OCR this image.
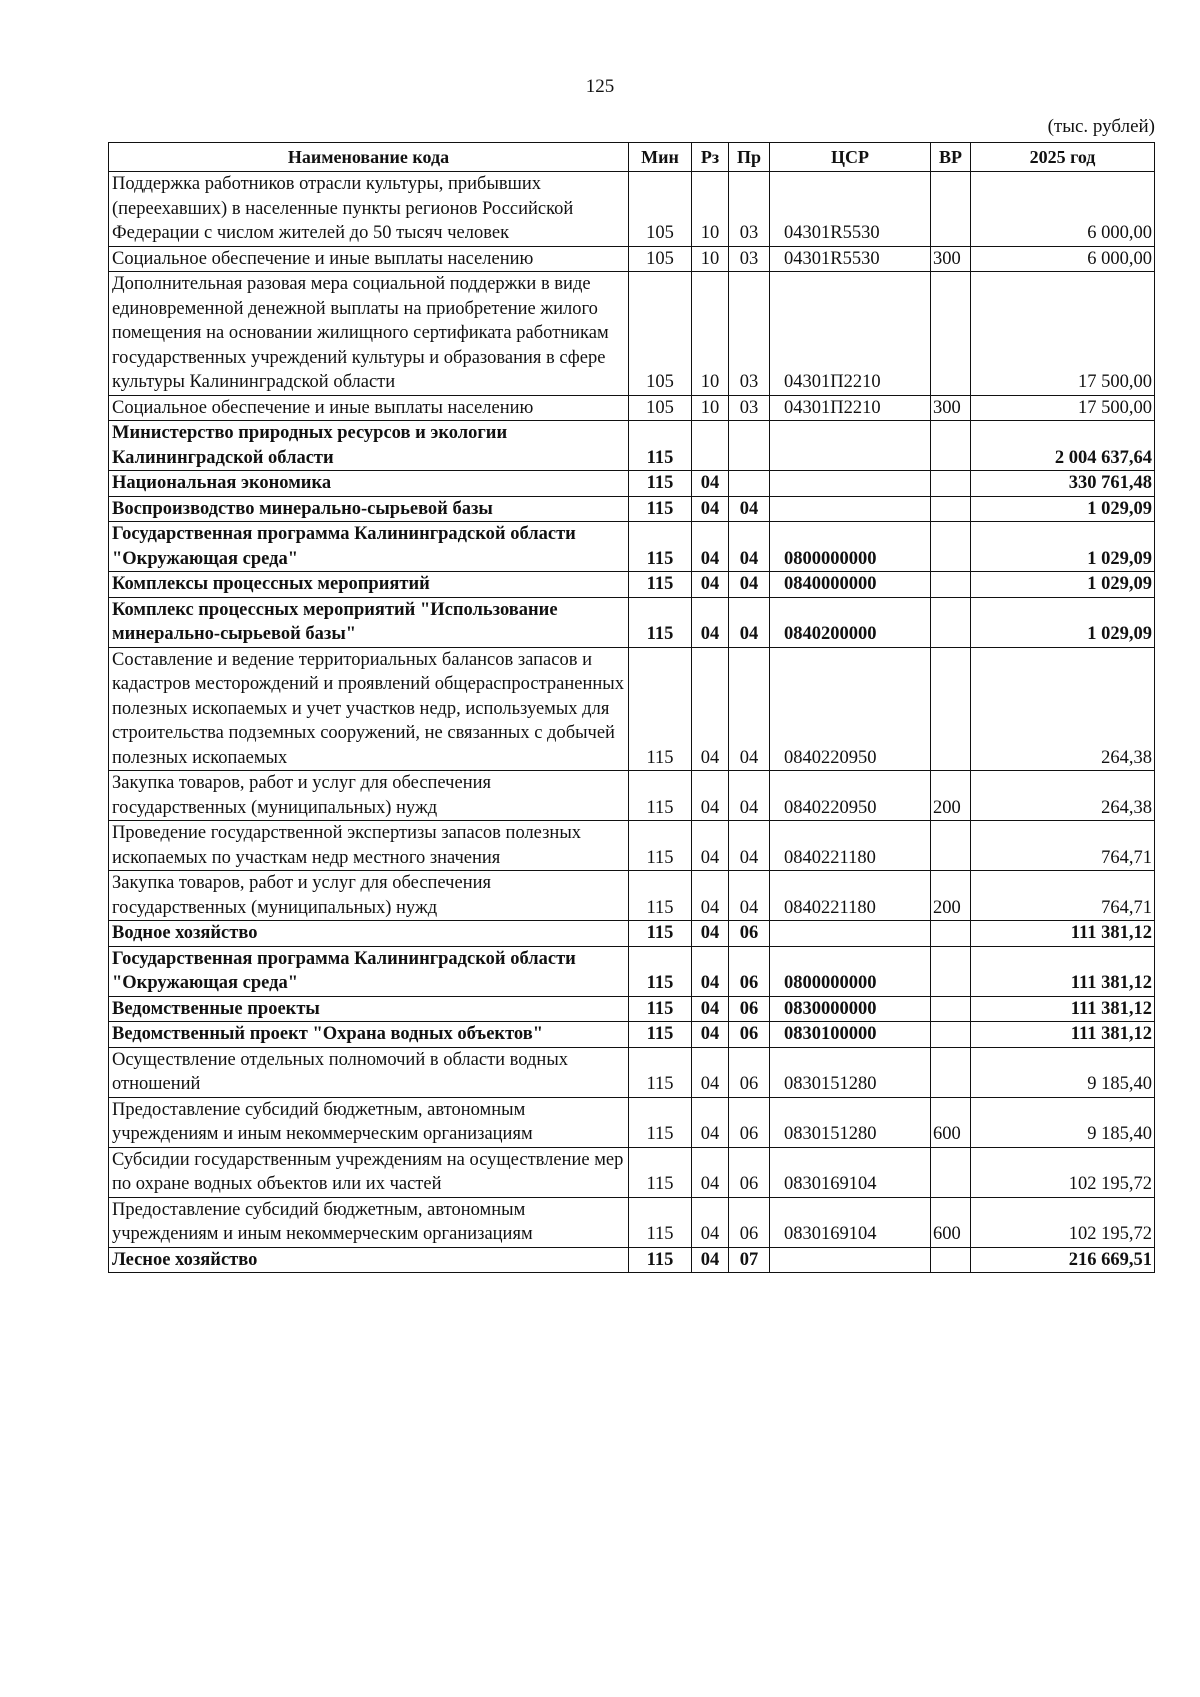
125
(тыс. рублей)
Наименование кода	Мин	Рз	Пр	ЦСР	ВР	2025 год
Поддержка работников отрасли культуры, прибывших (переехавших) в населенные пункты регионов Российской Федерации с числом жителей до 50 тысяч человек	105	10	03	04301R5530		6 000,00
Социальное обеспечение и иные выплаты населению	105	10	03	04301R5530	300	6 000,00
Дополнительная разовая мера социальной поддержки в виде единовременной денежной выплаты на приобретение жилого помещения на основании жилищного сертификата работникам государственных учреждений культуры и образования в сфере культуры Калининградской области	105	10	03	04301П2210		17 500,00
Социальное обеспечение и иные выплаты населению	105	10	03	04301П2210	300	17 500,00
Министерство природных ресурсов и экологии Калининградской области	115					2 004 637,64
Национальная экономика	115	04				330 761,48
Воспроизводство минерально-сырьевой базы	115	04	04			1 029,09
Государственная программа Калининградской области "Окружающая среда"	115	04	04	0800000000		1 029,09
Комплексы процессных мероприятий	115	04	04	0840000000		1 029,09
Комплекс процессных мероприятий "Использование минерально-сырьевой базы"	115	04	04	0840200000		1 029,09
Составление и ведение территориальных балансов запасов и кадастров месторождений и проявлений общераспространенных полезных ископаемых и учет участков недр, используемых для строительства подземных сооружений, не связанных с добычей полезных ископаемых	115	04	04	0840220950		264,38
Закупка товаров, работ и услуг для обеспечения государственных (муниципальных) нужд	115	04	04	0840220950	200	264,38
Проведение государственной экспертизы запасов полезных ископаемых по участкам недр местного значения	115	04	04	0840221180		764,71
Закупка товаров, работ и услуг для обеспечения государственных (муниципальных) нужд	115	04	04	0840221180	200	764,71
Водное хозяйство	115	04	06			111 381,12
Государственная программа Калининградской области "Окружающая среда"	115	04	06	0800000000		111 381,12
Ведомственные проекты	115	04	06	0830000000		111 381,12
Ведомственный проект "Охрана водных объектов"	115	04	06	0830100000		111 381,12
Осуществление отдельных полномочий в области водных отношений	115	04	06	0830151280		9 185,40
Предоставление субсидий бюджетным, автономным учреждениям и иным некоммерческим организациям	115	04	06	0830151280	600	9 185,40
Субсидии государственным учреждениям на осуществление мер по охране водных объектов или их частей	115	04	06	0830169104		102 195,72
Предоставление субсидий бюджетным, автономным учреждениям и иным некоммерческим организациям	115	04	06	0830169104	600	102 195,72
Лесное хозяйство	115	04	07			216 669,51
